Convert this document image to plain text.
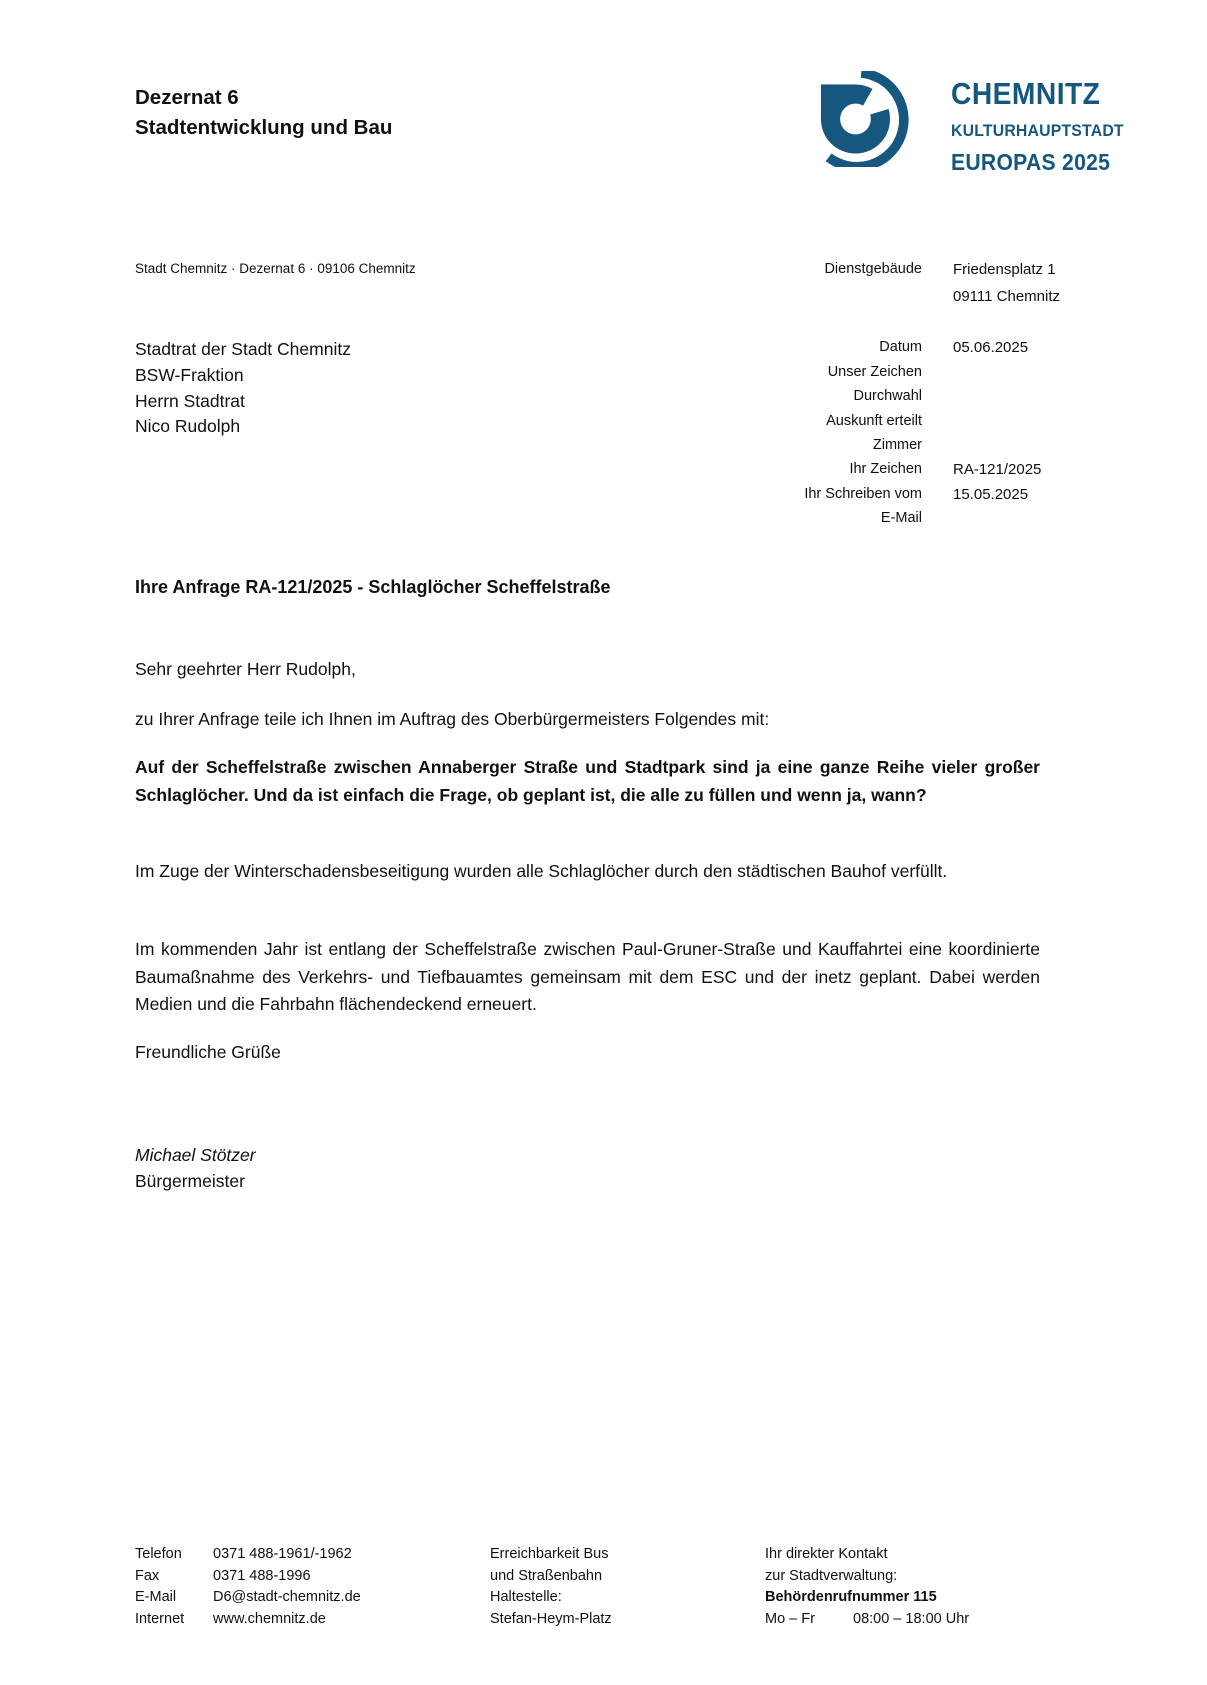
Dezernat 6
Stadtentwicklung und Bau
CHEMNITZ
KULTURHAUPTSTADT
EUROPAS 2025
Stadt Chemnitz · Dezernat 6 · 09106 Chemnitz
Stadtrat der Stadt Chemnitz
BSW-Fraktion
Herrn Stadtrat
Nico Rudolph
Dienstgebäude Friedensplatz 1
09111 Chemnitz
Datum 05.06.2025
Unser Zeichen
Durchwahl
Auskunft erteilt
Zimmer
Ihr Zeichen RA-121/2025
Ihr Schreiben vom 15.05.2025
E-Mail
Ihre Anfrage RA-121/2025 - Schlaglöcher Scheffelstraße
Sehr geehrter Herr Rudolph,
zu Ihrer Anfrage teile ich Ihnen im Auftrag des Oberbürgermeisters Folgendes mit:
Auf der Scheffelstraße zwischen Annaberger Straße und Stadtpark sind ja eine ganze Reihe vieler großer Schlaglöcher. Und da ist einfach die Frage, ob geplant ist, die alle zu füllen und wenn ja, wann?
Im Zuge der Winterschadensbeseitigung wurden alle Schlaglöcher durch den städtischen Bauhof verfüllt.
Im kommenden Jahr ist entlang der Scheffelstraße zwischen Paul-Gruner-Straße und Kauffahrtei eine koordinierte Baumaßnahme des Verkehrs- und Tiefbauamtes gemeinsam mit dem ESC und der inetz geplant. Dabei werden Medien und die Fahrbahn flächendeckend erneuert.
Freundliche Grüße
Michael Stötzer
Bürgermeister
Telefon 0371 488-1961/-1962
Fax	0371 488-1996
E-Mail	D6@stadt-chemnitz.de
Internet www.chemnitz.de
Erreichbarkeit Bus
und Straßenbahn
Haltestelle:
Stefan-Heym-Platz
Ihr direkter Kontakt
zur Stadtverwaltung:
Behördenrufnummer 115
Mo – Fr	08:00 – 18:00 Uhr
